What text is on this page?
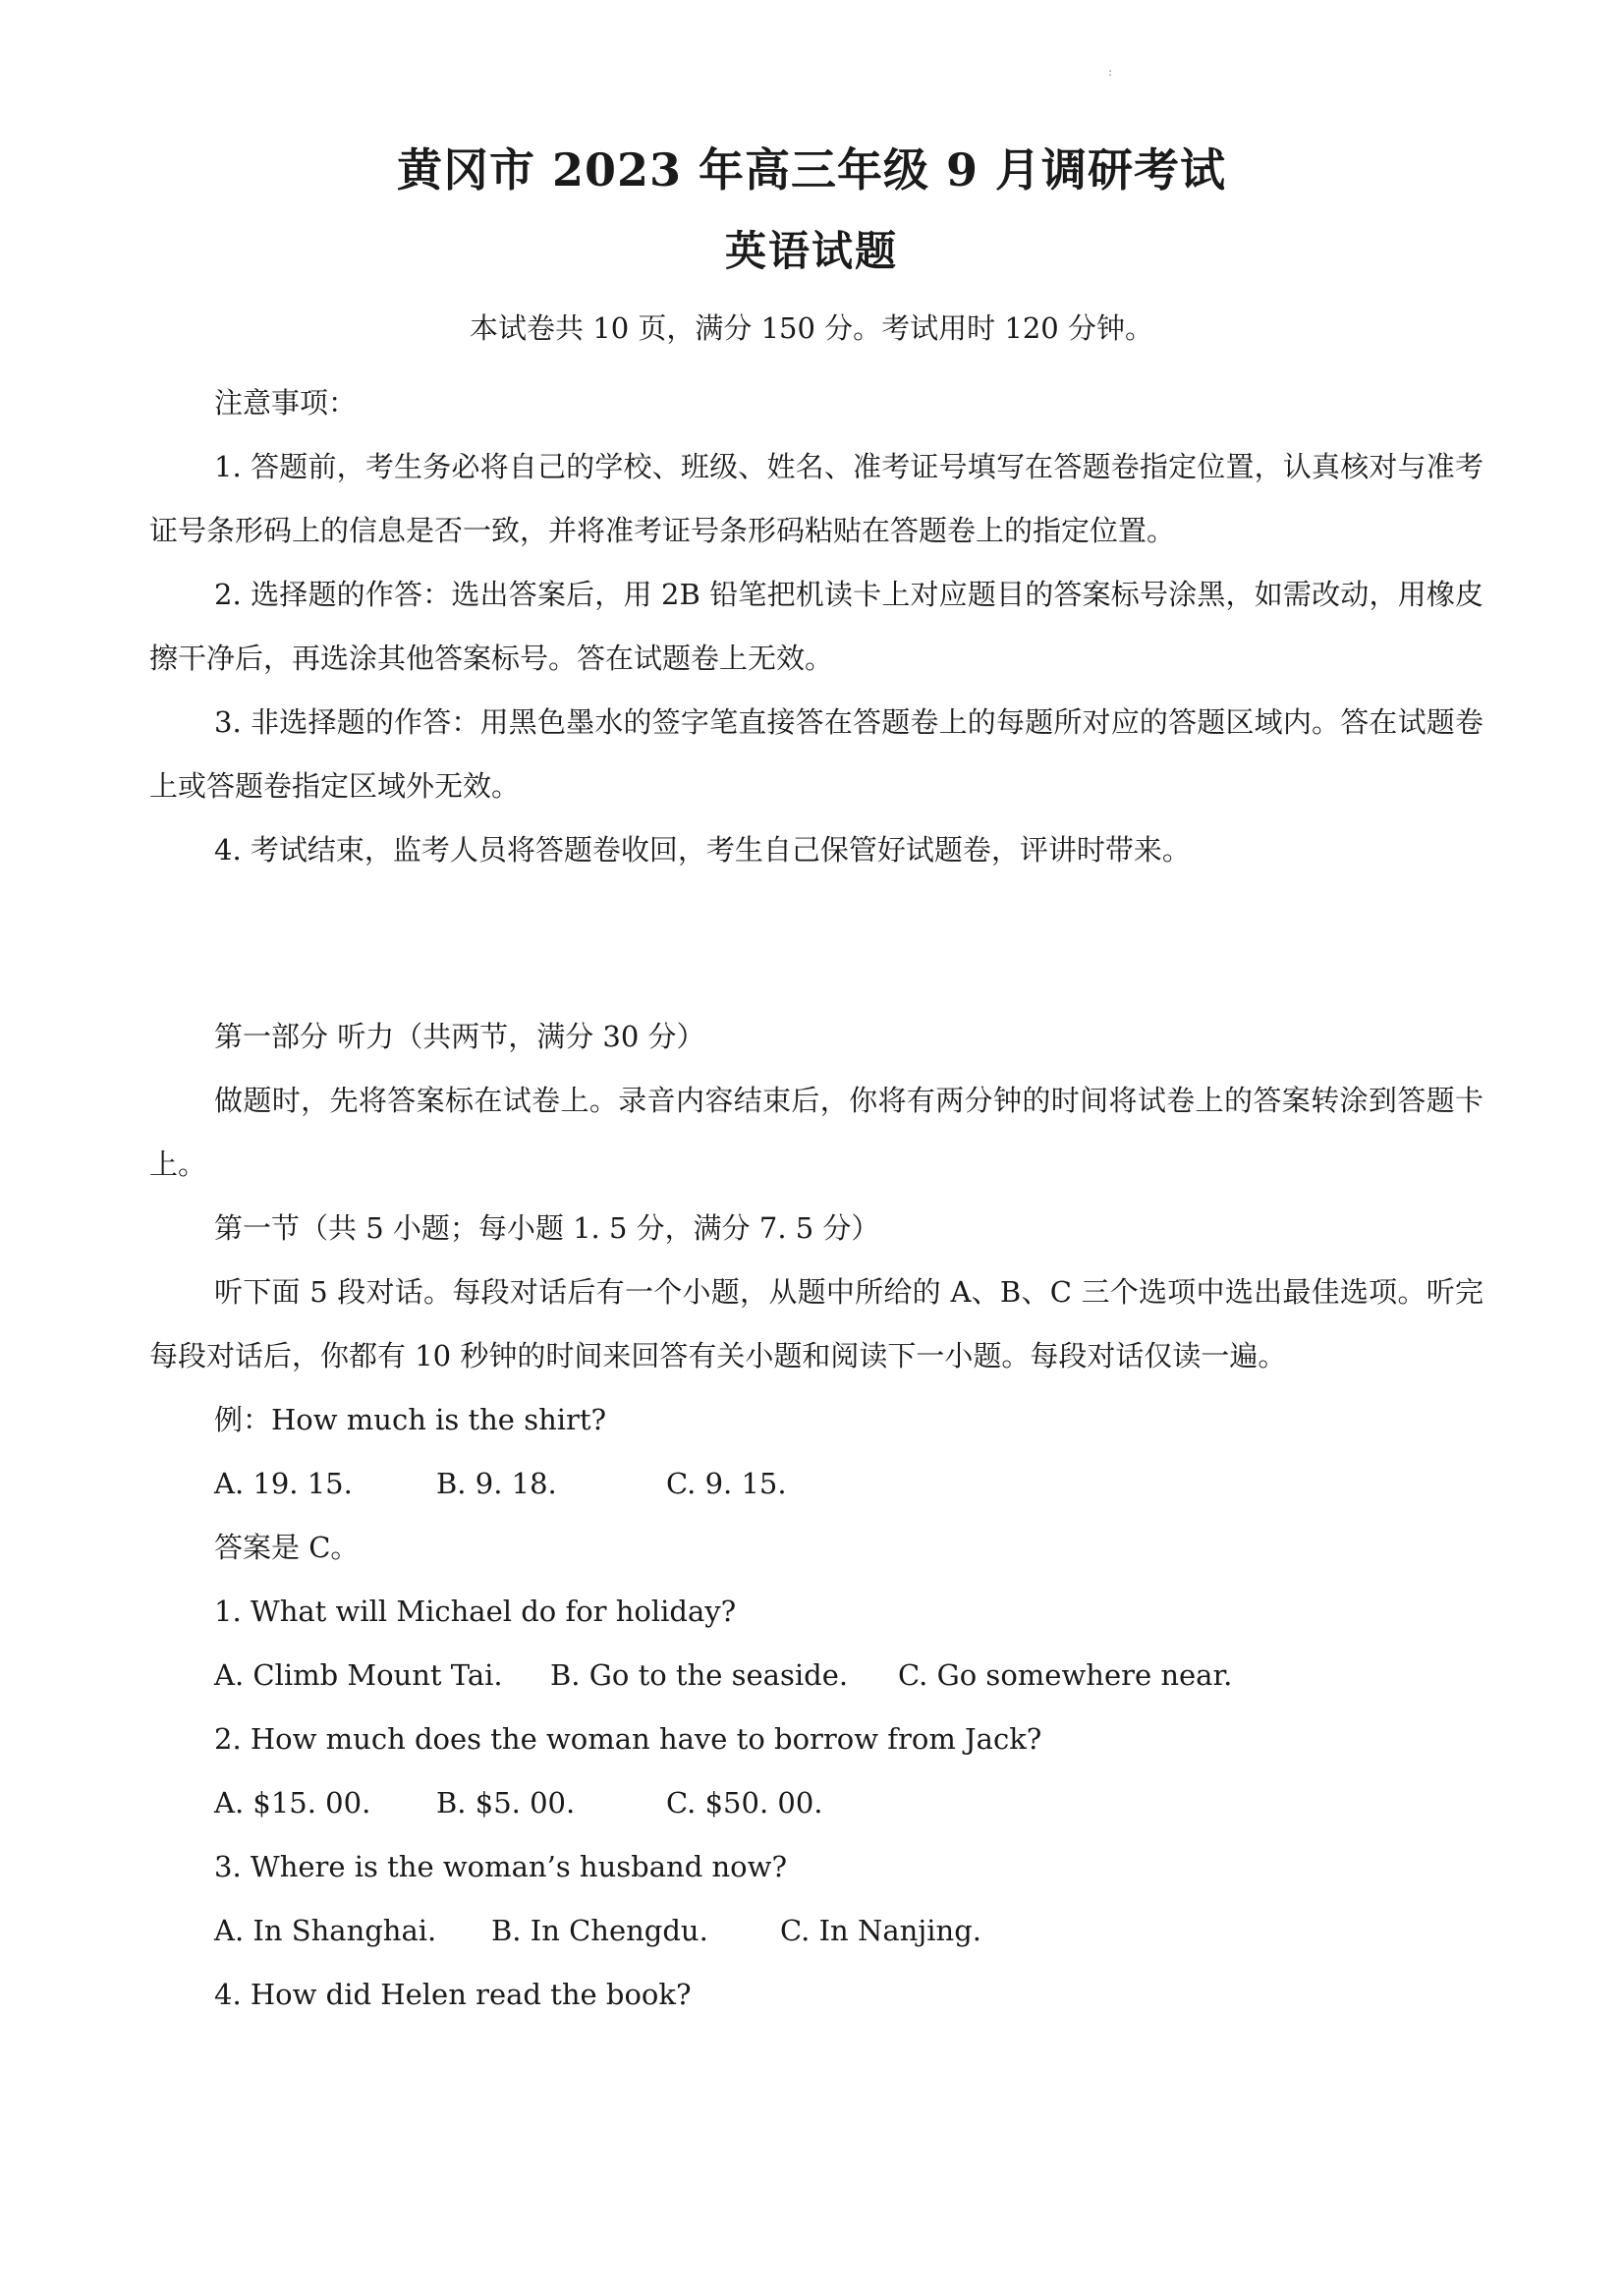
:
黄冈市 2023 年高三年级 9 月调研考试
英语试题
本试卷共 10 页，满分 150 分。考试用时 120 分钟。

注意事项：

1. 答题前，考生务必将自己的学校、班级、姓名、准考证号填写在答题卷指定位置，认真核对与准考证号条形码上的信息是否一致，并将准考证号条形码粘贴在答题卷上的指定位置。

2. 选择题的作答：选出答案后，用 2B 铅笔把机读卡上对应题目的答案标号涂黑，如需改动，用橡皮擦干净后，再选涂其他答案标号。答在试题卷上无效。

3. 非选择题的作答：用黑色墨水的签字笔直接答在答题卷上的每题所对应的答题区域内。答在试题卷上或答题卷指定区域外无效。

4. 考试结束，监考人员将答题卷收回，考生自己保管好试题卷，评讲时带来。

第一部分 听力（共两节，满分 30 分）

做题时，先将答案标在试卷上。录音内容结束后，你将有两分钟的时间将试卷上的答案转涂到答题卡上。

第一节（共 5 小题；每小题 1. 5 分，满分 7. 5 分）

听下面 5 段对话。每段对话后有一个小题，从题中所给的 A、B、C 三个选项中选出最佳选项。听完每段对话后，你都有 10 秒钟的时间来回答有关小题和阅读下一小题。每段对话仅读一遍。

例：How much is the shirt?

A. 19. 15.	B. 9. 18.	C. 9. 15.

答案是 C。

1. What will Michael do for holiday?

A. Climb Mount Tai. B. Go to the seaside. C. Go somewhere near.

2. How much does the woman have to borrow from Jack?

A. $15. 00. B. $5. 00.	C. $50. 00.

3. Where is the woman’s husband now?

A. In Shanghai. B. In Chengdu.	C. In Nanjing.

4. How did Helen read the book?
